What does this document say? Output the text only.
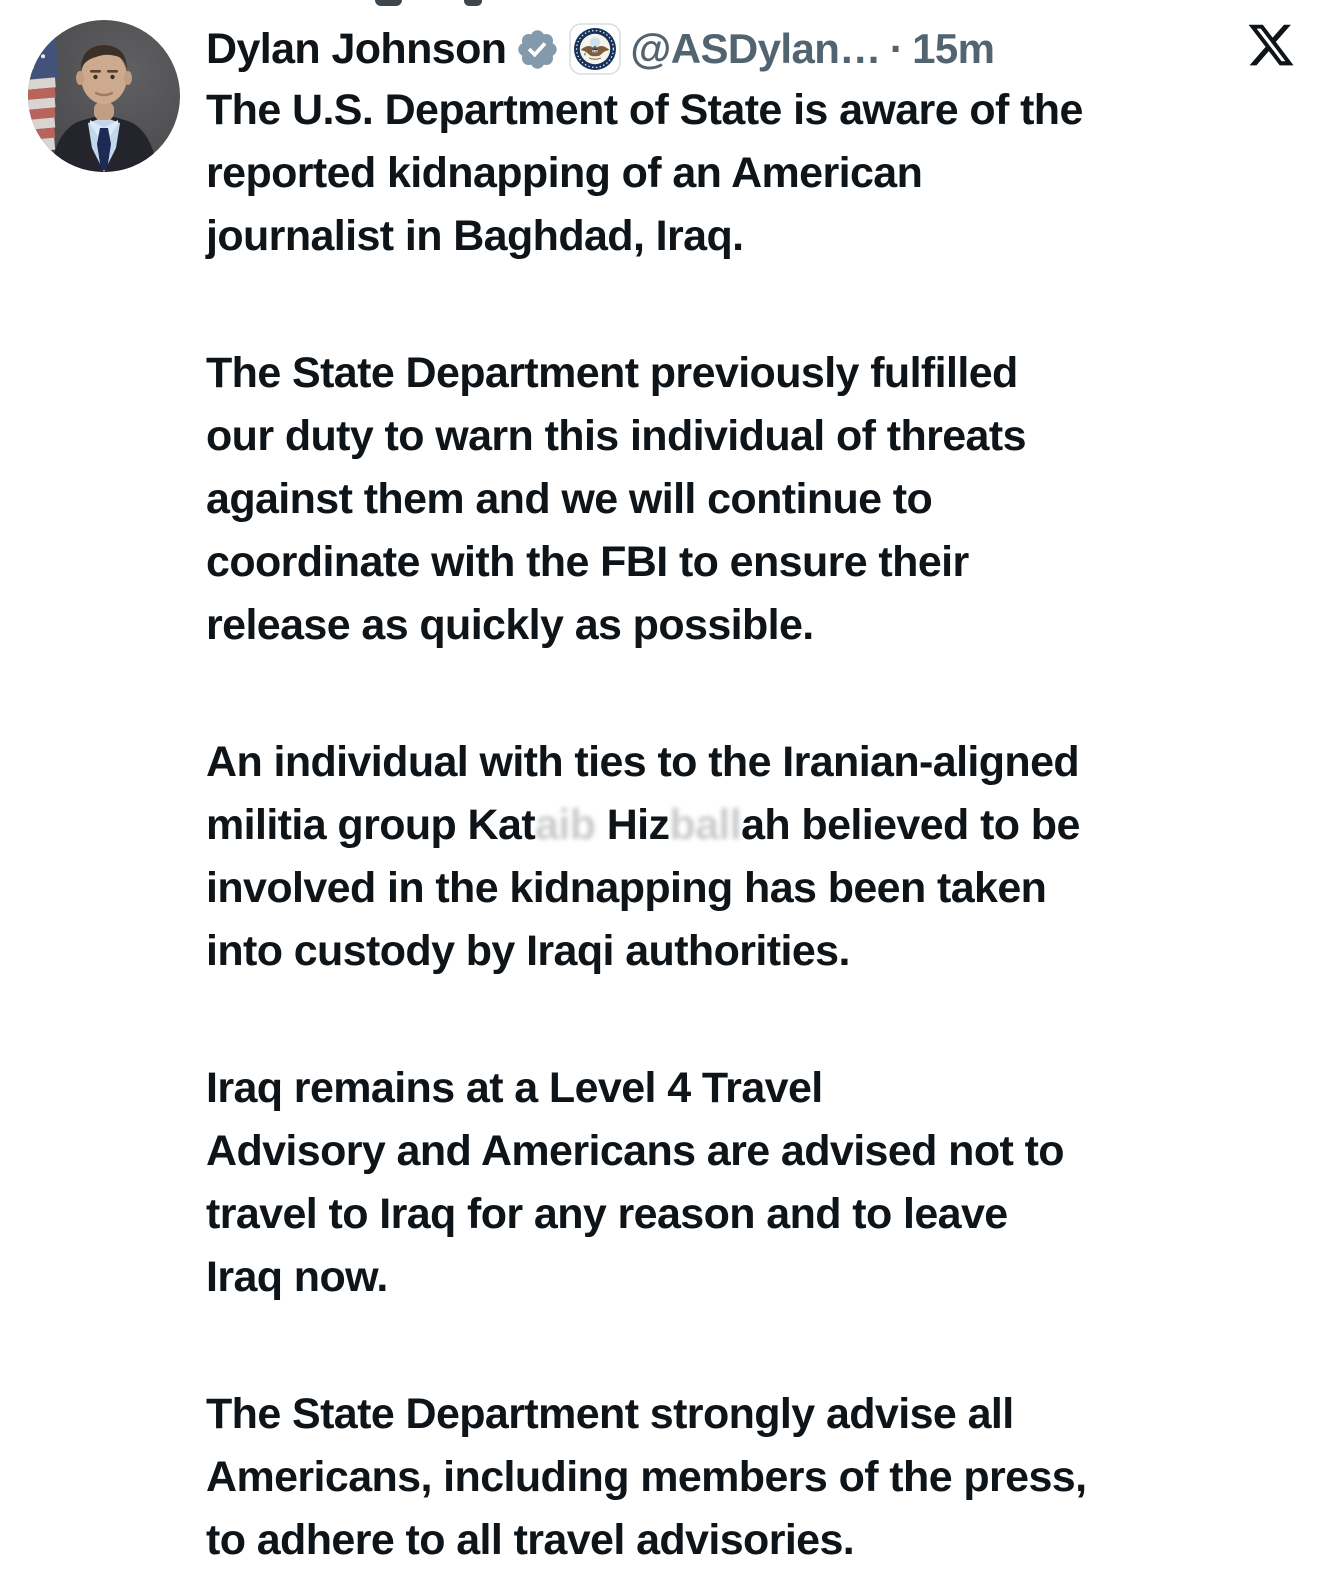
Dylan Johnson	@ASDylan… · 15m
The U.S. Department of State is aware of the
reported kidnapping of an American
journalist in Baghdad, Iraq.
The State Department previously fulfilled
our duty to warn this individual of threats
against them and we will continue to
coordinate with the FBI to ensure their
release as quickly as possible.
An individual with ties to the Iranian-aligned
militia group Kataib Hizballah believed to be
involved in the kidnapping has been taken
into custody by Iraqi authorities.
Iraq remains at a Level 4 Travel
Advisory and Americans are advised not to
travel to Iraq for any reason and to leave
Iraq now.
The State Department strongly advise all
Americans, including members of the press,
to adhere to all travel advisories.
